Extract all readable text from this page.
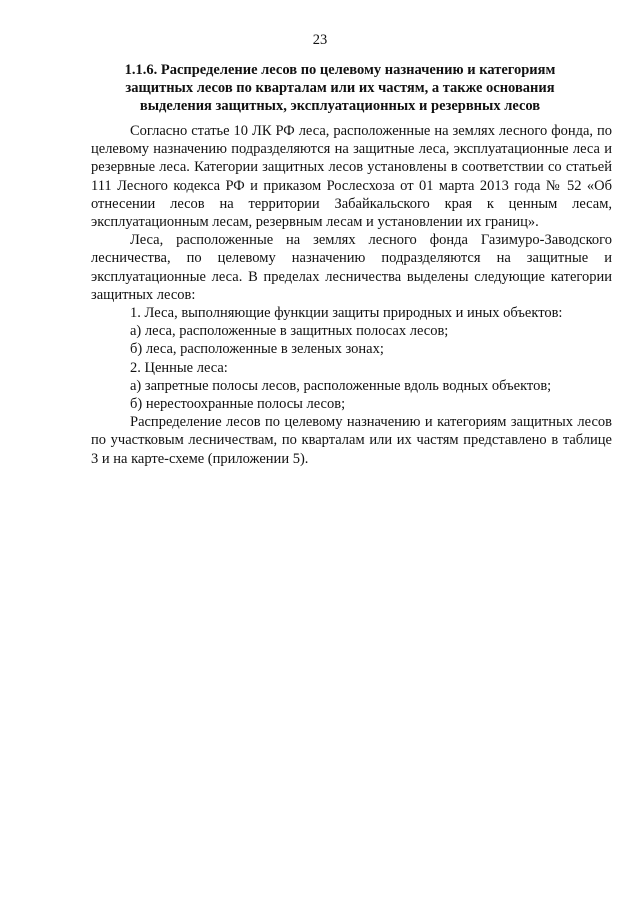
23
1.1.6. Распределение лесов по целевому назначению и категориям защитных лесов по кварталам или их частям, а также основания выделения защитных, эксплуатационных и резервных лесов

Согласно статье 10 ЛК РФ леса, расположенные на землях лесного фонда, по целевому назначению подразделяются на защитные леса, эксплуатационные леса и резервные леса. Категории защитных лесов установлены в соответствии со статьей 111 Лесного кодекса РФ и приказом Рослесхоза от 01 марта 2013 года № 52 «Об отнесении лесов на территории Забайкальского края к ценным лесам, эксплуатационным лесам, резервным лесам и установлении их границ».

Леса, расположенные на землях лесного фонда Газимуро-Заводского лесничества, по целевому назначению подразделяются на защитные и эксплуатационные леса. В пределах лесничества выделены следующие категории защитных лесов:

1. Леса, выполняющие функции защиты природных и иных объектов:

а) леса, расположенные в защитных полосах лесов;

б) леса, расположенные в зеленых зонах;

2. Ценные леса:

а) запретные полосы лесов, расположенные вдоль водных объектов;

б) нерестоохранные полосы лесов;

Распределение лесов по целевому назначению и категориям защитных лесов по участковым лесничествам, по кварталам или их частям представлено в таблице 3 и на карте-схеме (приложении 5).
